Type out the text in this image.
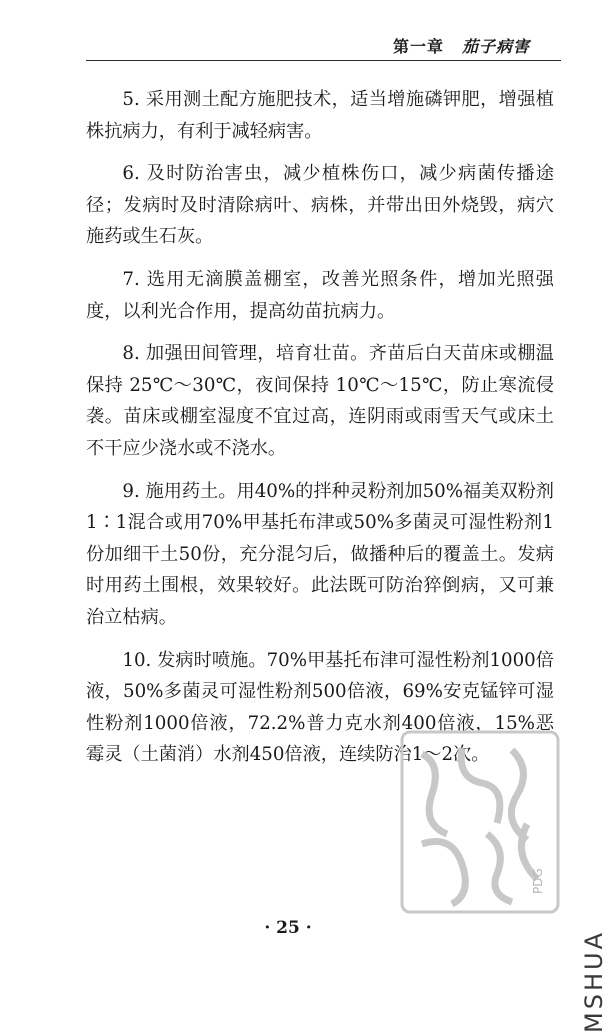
第一章 茄子病害

5. 采用测土配方施肥技术，适当增施磷钾肥，增强植株抗病力，有利于减轻病害。

6. 及时防治害虫，减少植株伤口，减少病菌传播途径；发病时及时清除病叶、病株，并带出田外烧毁，病穴施药或生石灰。

7. 选用无滴膜盖棚室，改善光照条件，增加光照强度，以利光合作用，提高幼苗抗病力。

8. 加强田间管理，培育壮苗。齐苗后白天苗床或棚温保持 25℃～30℃，夜间保持 10℃～15℃，防止寒流侵袭。苗床或棚室湿度不宜过高，连阴雨或雨雪天气或床土不干应少浇水或不浇水。

9. 施用药土。用40%的拌种灵粉剂加50%福美双粉剂1∶1混合或用70%甲基托布津或50%多菌灵可湿性粉剂1份加细干土50份，充分混匀后，做播种后的覆盖土。发病时用药土围根，效果较好。此法既可防治猝倒病，又可兼治立枯病。

10. 发病时喷施。70%甲基托布津可湿性粉剂1000倍液，50%多菌灵可湿性粉剂500倍液，69%安克锰锌可湿性粉剂1000倍液，72.2%普力克水剂400倍液，15%恶霉灵（土菌消）水剂450倍液，连续防治1～2次。

PDG
· 25 ·
MSHUA
